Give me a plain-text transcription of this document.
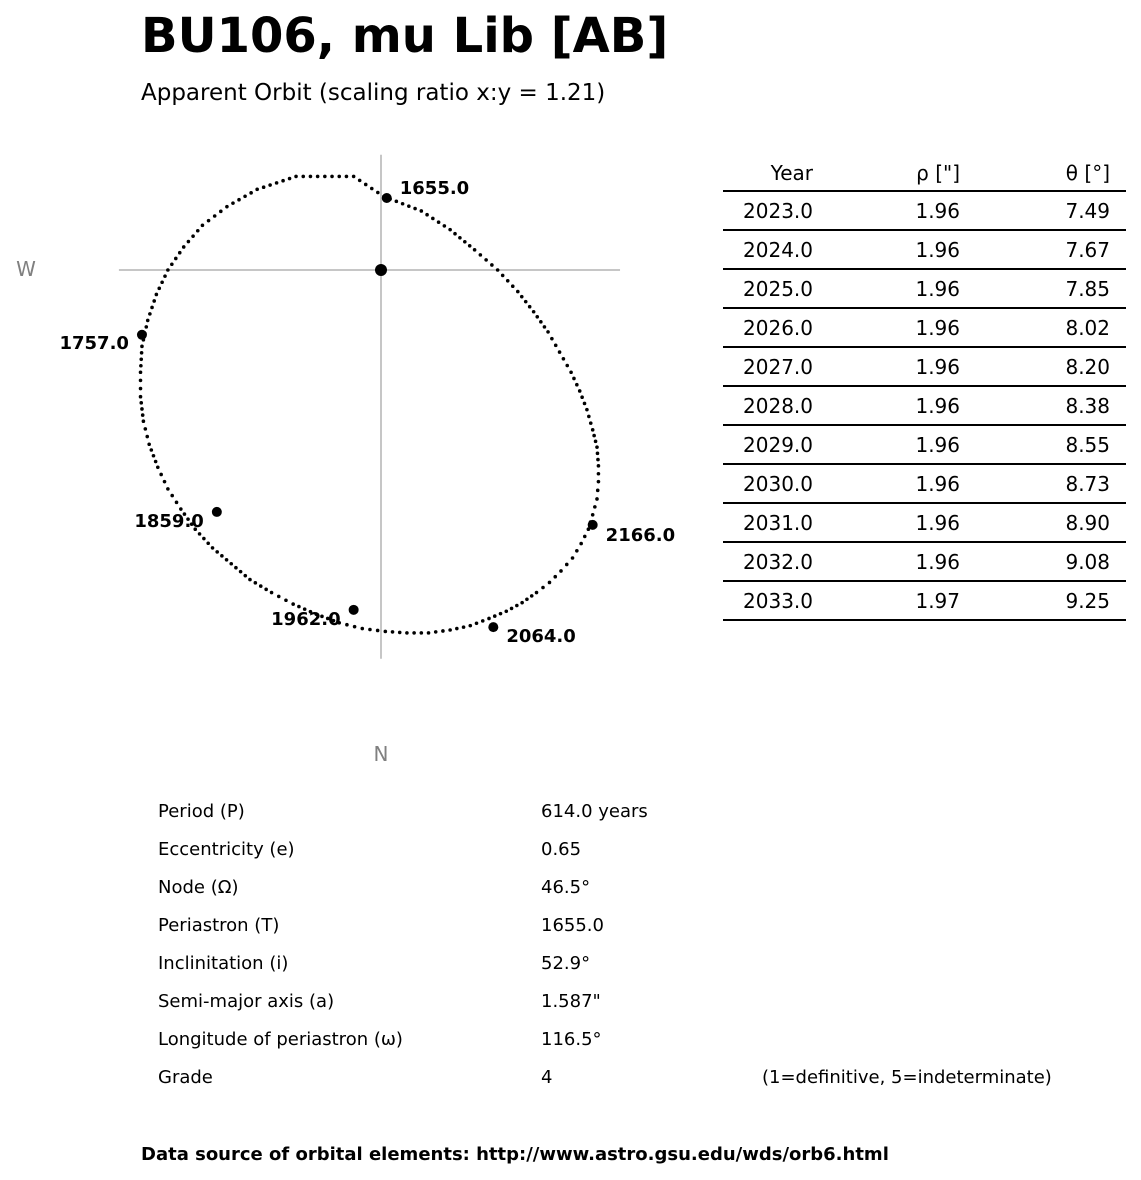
BU106, mu Lib [AB]
Apparent Orbit (scaling ratio x:y = 1.21)
1655.0
1757.0
1859.0
1962.0
2064.0
2166.0
W
N
Year	ρ ["]	θ [°]
2023.0	1.96	7.49
2024.0	1.96	7.67
2025.0	1.96	7.85
2026.0	1.96	8.02
2027.0	1.96	8.20
2028.0	1.96	8.38
2029.0	1.96	8.55
2030.0	1.96	8.73
2031.0	1.96	8.90
2032.0	1.96	9.08
2033.0	1.97	9.25
Period (P)	614.0 years
Eccentricity (e)	0.65
Node (Ω)	46.5°
Periastron (T)	1655.0
Inclinitation (i)	52.9°
Semi-major axis (a)	1.587"
Longitude of periastron (ω)	116.5°
Grade	4	(1=definitive, 5=indeterminate)
Data source of orbital elements: http://www.astro.gsu.edu/wds/orb6.html
